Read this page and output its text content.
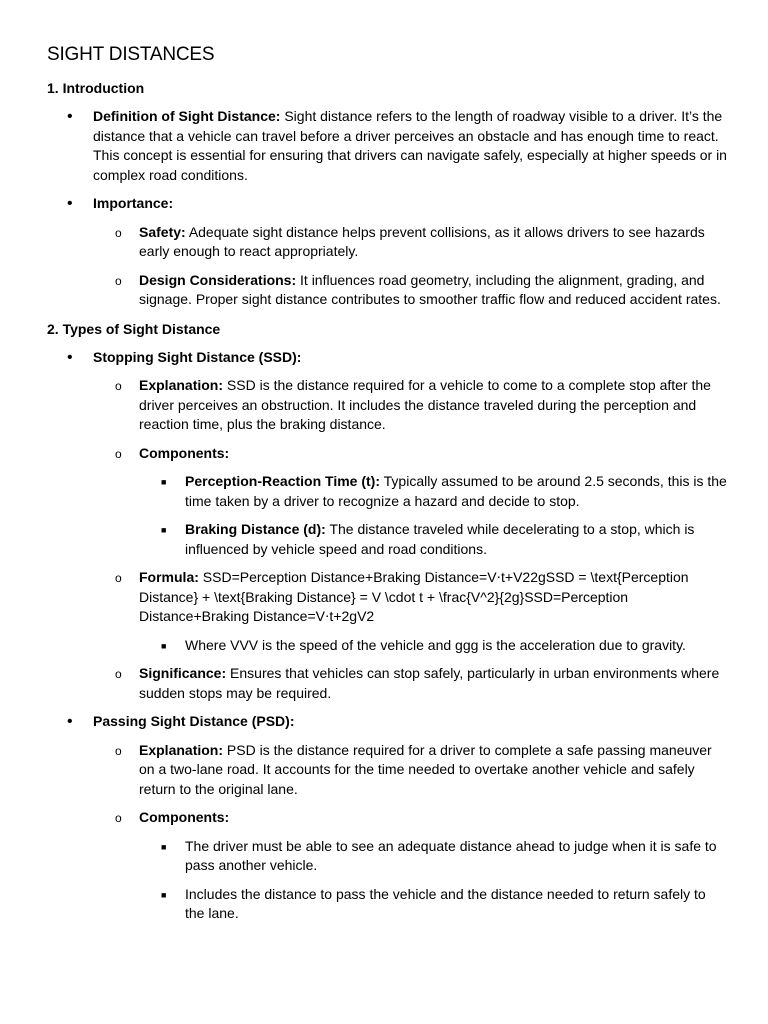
SIGHT DISTANCES
1. Introduction
• Definition of Sight Distance: Sight distance refers to the length of roadway visible to a driver. It’s the distance that a vehicle can travel before a driver perceives an obstacle and has enough time to react. This concept is essential for ensuring that drivers can navigate safely, especially at higher speeds or in complex road conditions.
• Importance:
o Safety: Adequate sight distance helps prevent collisions, as it allows drivers to see hazards early enough to react appropriately.
o Design Considerations: It influences road geometry, including the alignment, grading, and signage. Proper sight distance contributes to smoother traffic flow and reduced accident rates.
2. Types of Sight Distance
• Stopping Sight Distance (SSD):
o Explanation: SSD is the distance required for a vehicle to come to a complete stop after the driver perceives an obstruction. It includes the distance traveled during the perception and reaction time, plus the braking distance.
o Components:
■ Perception-Reaction Time (t): Typically assumed to be around 2.5 seconds, this is the time taken by a driver to recognize a hazard and decide to stop.
■ Braking Distance (d): The distance traveled while decelerating to a stop, which is influenced by vehicle speed and road conditions.
o Formula: SSD=Perception Distance+Braking Distance=V⋅t+V22gSSD = \text{Perception Distance} + \text{Braking Distance} = V \cdot t + \frac{V^2}{2g}SSD=Perception Distance+Braking Distance=V⋅t+2gV2
■ Where VVV is the speed of the vehicle and ggg is the acceleration due to gravity.
o Significance: Ensures that vehicles can stop safely, particularly in urban environments where sudden stops may be required.
• Passing Sight Distance (PSD):
o Explanation: PSD is the distance required for a driver to complete a safe passing maneuver on a two-lane road. It accounts for the time needed to overtake another vehicle and safely return to the original lane.
o Components:
■ The driver must be able to see an adequate distance ahead to judge when it is safe to pass another vehicle.
■ Includes the distance to pass the vehicle and the distance needed to return safely to the lane.
